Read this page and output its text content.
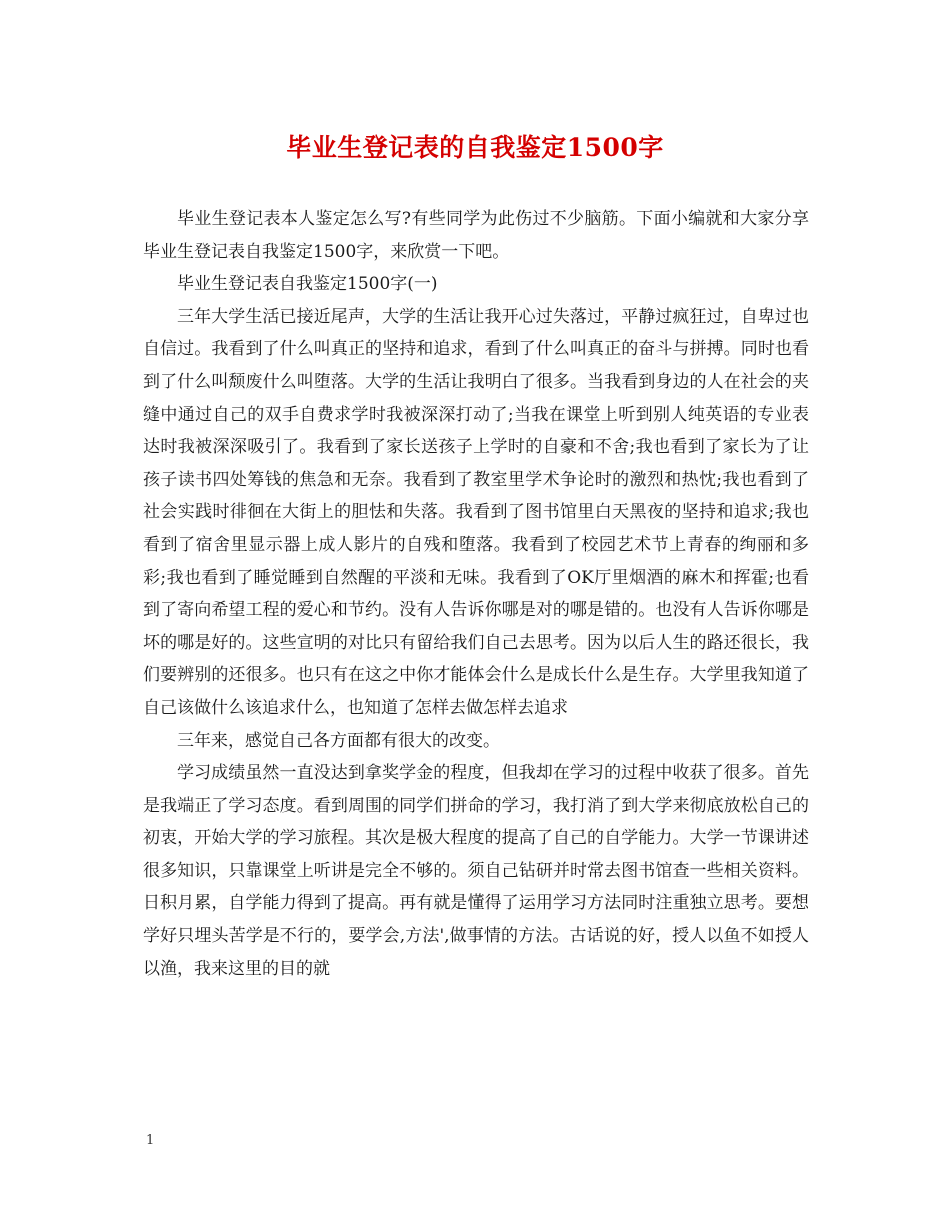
毕业生登记表的自我鉴定1500字

毕业生登记表本人鉴定怎么写?有些同学为此伤过不少脑筋。下面小编就和大家分享毕业生登记表自我鉴定1500字，来欣赏一下吧。

毕业生登记表自我鉴定1500字(一)

三年大学生活已接近尾声，大学的生活让我开心过失落过，平静过疯狂过，自卑过也自信过。我看到了什么叫真正的坚持和追求，看到了什么叫真正的奋斗与拼搏。同时也看到了什么叫颓废什么叫堕落。大学的生活让我明白了很多。当我看到身边的人在社会的夹缝中通过自己的双手自费求学时我被深深打动了;当我在课堂上听到别人纯英语的专业表达时我被深深吸引了。我看到了家长送孩子上学时的自豪和不舍;我也看到了家长为了让孩子读书四处筹钱的焦急和无奈。我看到了教室里学术争论时的激烈和热忱;我也看到了社会实践时徘徊在大街上的胆怯和失落。我看到了图书馆里白天黑夜的坚持和追求;我也看到了宿舍里显示器上成人影片的自残和堕落。我看到了校园艺术节上青春的绚丽和多彩;我也看到了睡觉睡到自然醒的平淡和无味。我看到了OK厅里烟酒的麻木和挥霍;也看到了寄向希望工程的爱心和节约。没有人告诉你哪是对的哪是错的。也没有人告诉你哪是坏的哪是好的。这些宣明的对比只有留给我们自己去思考。因为以后人生的路还很长，我们要辨别的还很多。也只有在这之中你才能体会什么是成长什么是生存。大学里我知道了自己该做什么该追求什么，也知道了怎样去做怎样去追求

三年来，感觉自己各方面都有很大的改变。

学习成绩虽然一直没达到拿奖学金的程度，但我却在学习的过程中收获了很多。首先是我端正了学习态度。看到周围的同学们拼命的学习，我打消了到大学来彻底放松自己的初衷，开始大学的学习旅程。其次是极大程度的提高了自己的自学能力。大学一节课讲述很多知识，只靠课堂上听讲是完全不够的。须自己钻研并时常去图书馆查一些相关资料。日积月累，自学能力得到了提高。再有就是懂得了运用学习方法同时注重独立思考。要想学好只埋头苦学是不行的，要学会,方法',做事情的方法。古话说的好，授人以鱼不如授人以渔，我来这里的目的就

1
